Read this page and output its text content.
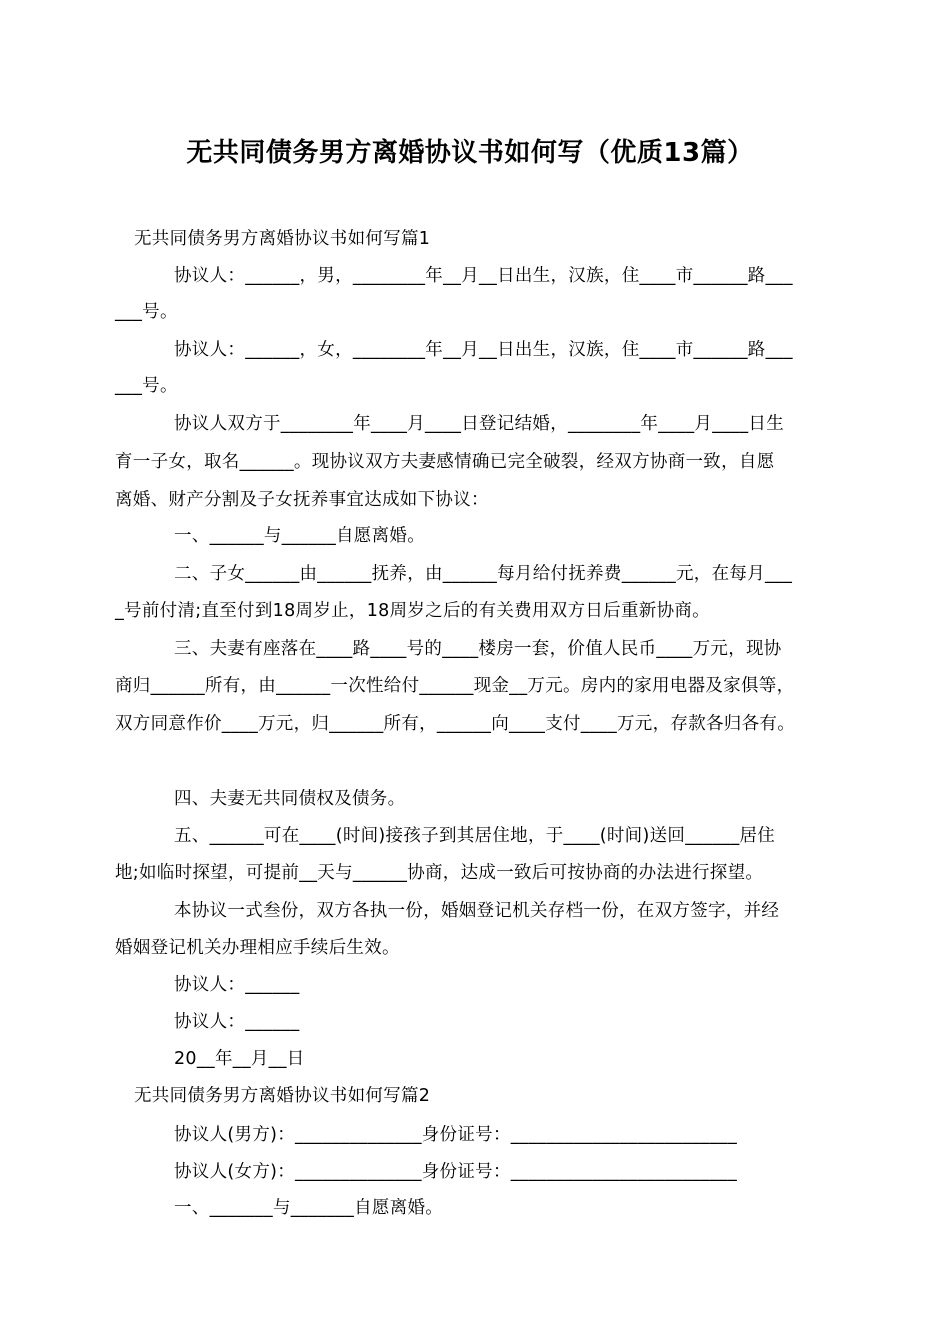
无共同债务男方离婚协议书如何写（优质13篇）
无共同债务男方离婚协议书如何写篇1
协议人：______，男，________年__月__日出生，汉族，住____市______路___
___号。
协议人：______，女，________年__月__日出生，汉族，住____市______路___
___号。
协议人双方于________年____月____日登记结婚，________年____月____日生
育一子女，取名______。现协议双方夫妻感情确已完全破裂，经双方协商一致，自愿
离婚、财产分割及子女抚养事宜达成如下协议：
一、______与______自愿离婚。
二、子女______由______抚养，由______每月给付抚养费______元，在每月___
_号前付清;直至付到18周岁止，18周岁之后的有关费用双方日后重新协商。
三、夫妻有座落在____路____号的____楼房一套，价值人民币____万元，现协
商归______所有，由______一次性给付______现金__万元。房内的家用电器及家俱等，
双方同意作价____万元，归______所有，______向____支付____万元，存款各归各有。
四、夫妻无共同债权及债务。
五、______可在____(时间)接孩子到其居住地，于____(时间)送回______居住
地;如临时探望，可提前__天与______协商，达成一致后可按协商的办法进行探望。
本协议一式叁份，双方各执一份，婚姻登记机关存档一份，在双方签字，并经
婚姻登记机关办理相应手续后生效。
协议人：______
协议人：______
20__年__月__日
无共同债务男方离婚协议书如何写篇2
协议人(男方)：______________身份证号：_________________________
协议人(女方)：______________身份证号：_________________________
一、_______与_______自愿离婚。
